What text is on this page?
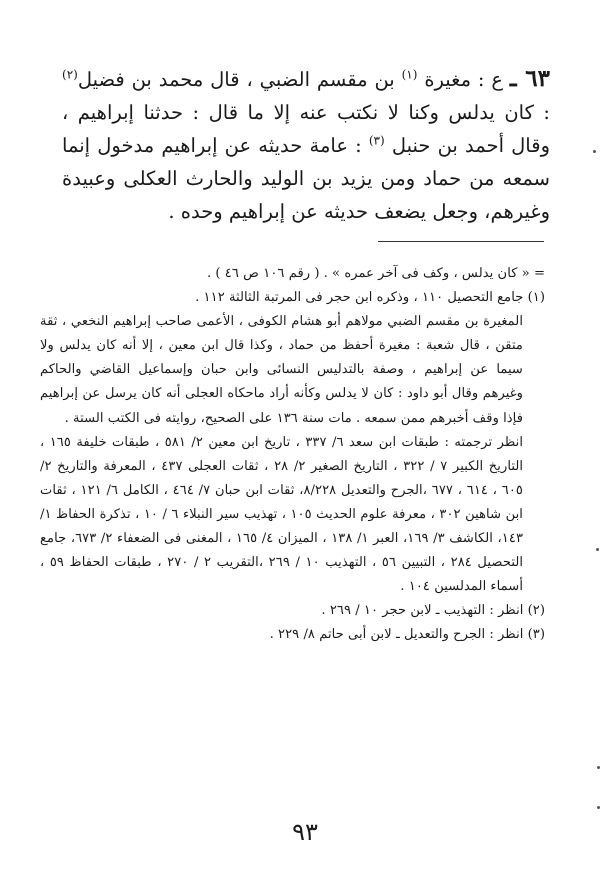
٦٣ ـ ع : مغيرة $^{(١)}$ بن مقسم الضبي ، قال محمد بن فضيل$^{(٢)}$ : كان يدلس وكنا لا نكتب عنه إلا ما قال : حدثنا إبراهيم ، وقال أحمد بن حنبل $^{(٣)}$ : عامة حديثه عن إبراهيم مدخول إنما سمعه من حماد ومن يزيد بن الوليد والحارث العكلى وعبيدة وغيرهم، وجعل يضعف حديثه عن إبراهيم وحده .

= « كان يدلس ، وكف فى آخر عمره » . ( رقم ١٠٦ ص ٤٦ ) .

(١) جامع التحصيل ١١٠ ، وذكره ابن حجر فى المرتبة الثالثة ١١٢ .

المغيرة بن مقسم الضبي مولاهم أبو هشام الكوفى ، الأعمى صاحب إبراهيم النخعي ، ثقة متقن ، قال شعبة : مغيرة أحفظ من حماد ، وكذا قال ابن معين ، إلا أنه كان يدلس ولا سيما عن إبراهيم ، وصفة بالتدليس النسائى وابن حبان وإسماعيل القاضي والحاكم وغيرهم وقال أبو داود : كان لا يدلس وكأنه أراد ماحكاه العجلى أنه كان يرسل عن إبراهيم فإذا وقف أخبرهم ممن سمعه . مات سنة ١٣٦ على الصحيح، روايته فى الكتب الستة .

انظر ترجمته : طبقات ابن سعد ٦/ ٣٣٧ ، تاريخ ابن معين ٢/ ٥٨١ ، طبقات خليفة ١٦٥ ، التاريخ الكبير ٧ / ٣٢٢ ، التاريخ الصغير ٢/ ٢٨ ، ثقات العجلى ٤٣٧ ، المعرفة والتاريخ ٢/ ٦٠٥ ، ٦١٤ ، ٦٧٧ ،الجرح والتعديل ٨/٢٢٨، ثقات ابن حبان ٧/ ٤٦٤ ، الكامل ٦/ ١٢١ ، ثقات ابن شاهين ٣٠٢ ، معرفة علوم الحديث ١٠٥ ، تهذيب سير النبلاء ٦ / ١٠ ، تذكرة الحفاظ ١/ ١٤٣، الكاشف ٣/ ١٦٩، العبر ١/ ١٣٨ ، الميزان ٤/ ١٦٥ ، المغنى فى الضعفاء ٢/ ٦٧٣، جامع التحصيل ٢٨٤ ، التبيين ٥٦ ، التهذيب ١٠ / ٢٦٩ ،التقريب ٢ / ٢٧٠ ، طبقات الحفاظ ٥٩ ، أسماء المدلسين ١٠٤ .

(٢) انظر : التهذيب ـ لابن حجر ١٠ / ٢٦٩ .

(٣) انظر : الجرح والتعديل ـ لابن أبى حاتم ٨/ ٢٢٩ .

٩٣
